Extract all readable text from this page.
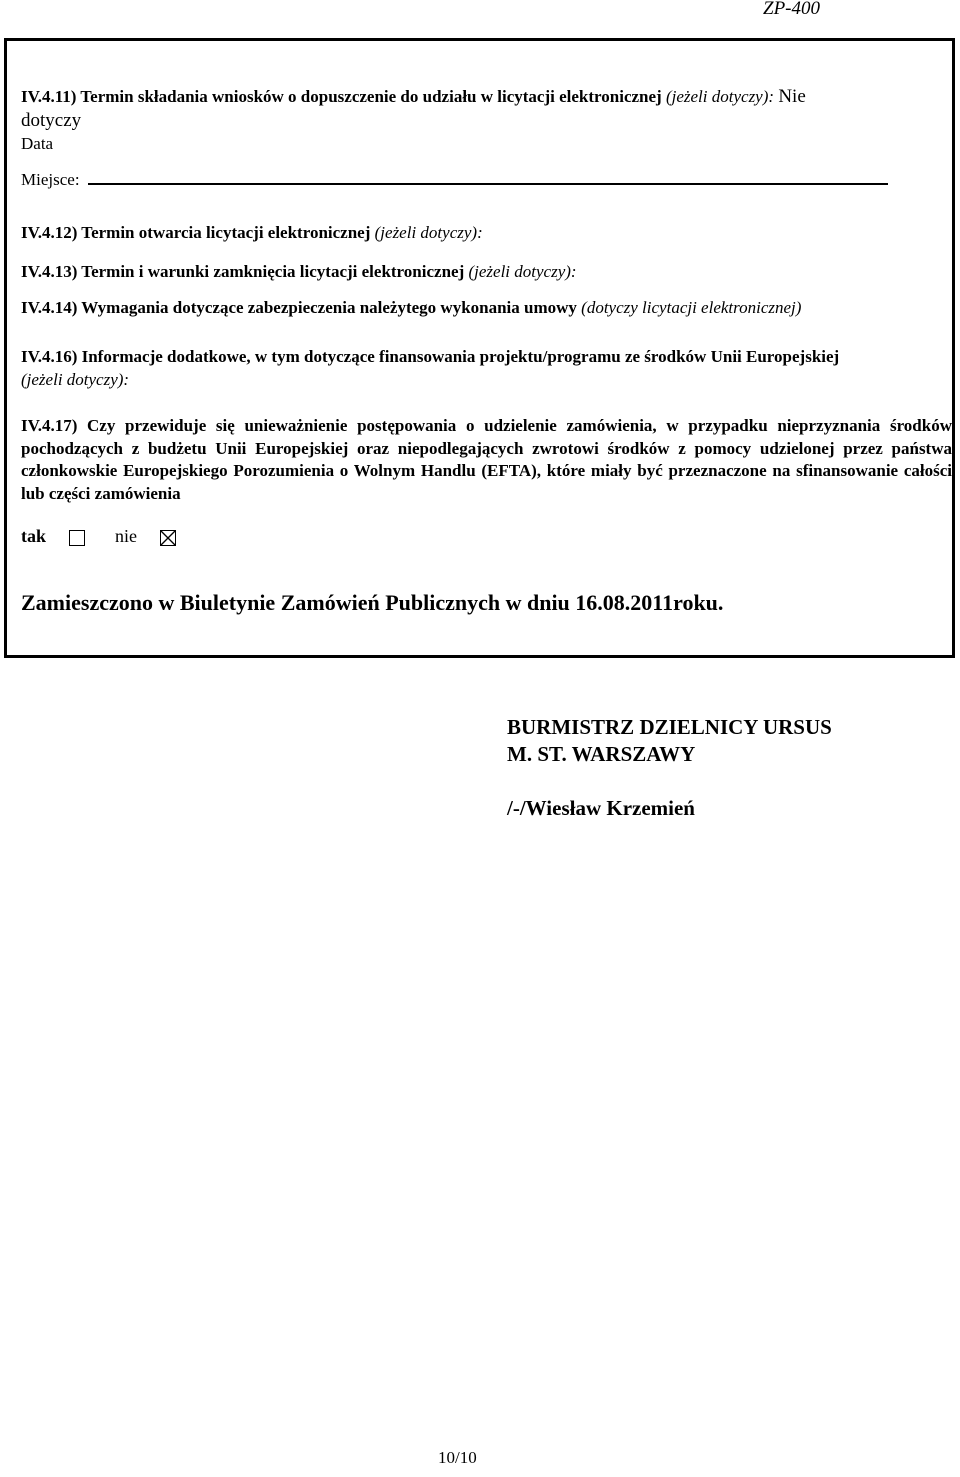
ZP-400
IV.4.11) Termin składania wniosków o dopuszczenie do udziału w licytacji elektronicznej (jeżeli dotyczy): Nie
dotyczy
Data
Miejsce:
IV.4.12) Termin otwarcia licytacji elektronicznej (jeżeli dotyczy):
IV.4.13) Termin i warunki zamknięcia licytacji elektronicznej (jeżeli dotyczy):
IV.4.14) Wymagania dotyczące zabezpieczenia należytego wykonania umowy (dotyczy licytacji elektronicznej)
IV.4.16) Informacje dodatkowe, w tym dotyczące finansowania projektu/programu ze środków Unii Europejskiej
(jeżeli dotyczy):
IV.4.17) Czy przewiduje się unieważnienie postępowania o udzielenie zamówienia, w przypadku nieprzyznania środków pochodzących z budżetu Unii Europejskiej oraz niepodlegających zwrotowi środków z pomocy udzielonej przez państwa członkowskie Europejskiego Porozumienia o Wolnym Handlu (EFTA), które miały być przeznaczone na sfinansowanie całości lub części zamówienia
tak	nie
Zamieszczono w Biuletynie Zamówień Publicznych w dniu 16.08.2011roku.
BURMISTRZ DZIELNICY URSUS
M. ST. WARSZAWY
/-/Wiesław Krzemień
10/10
